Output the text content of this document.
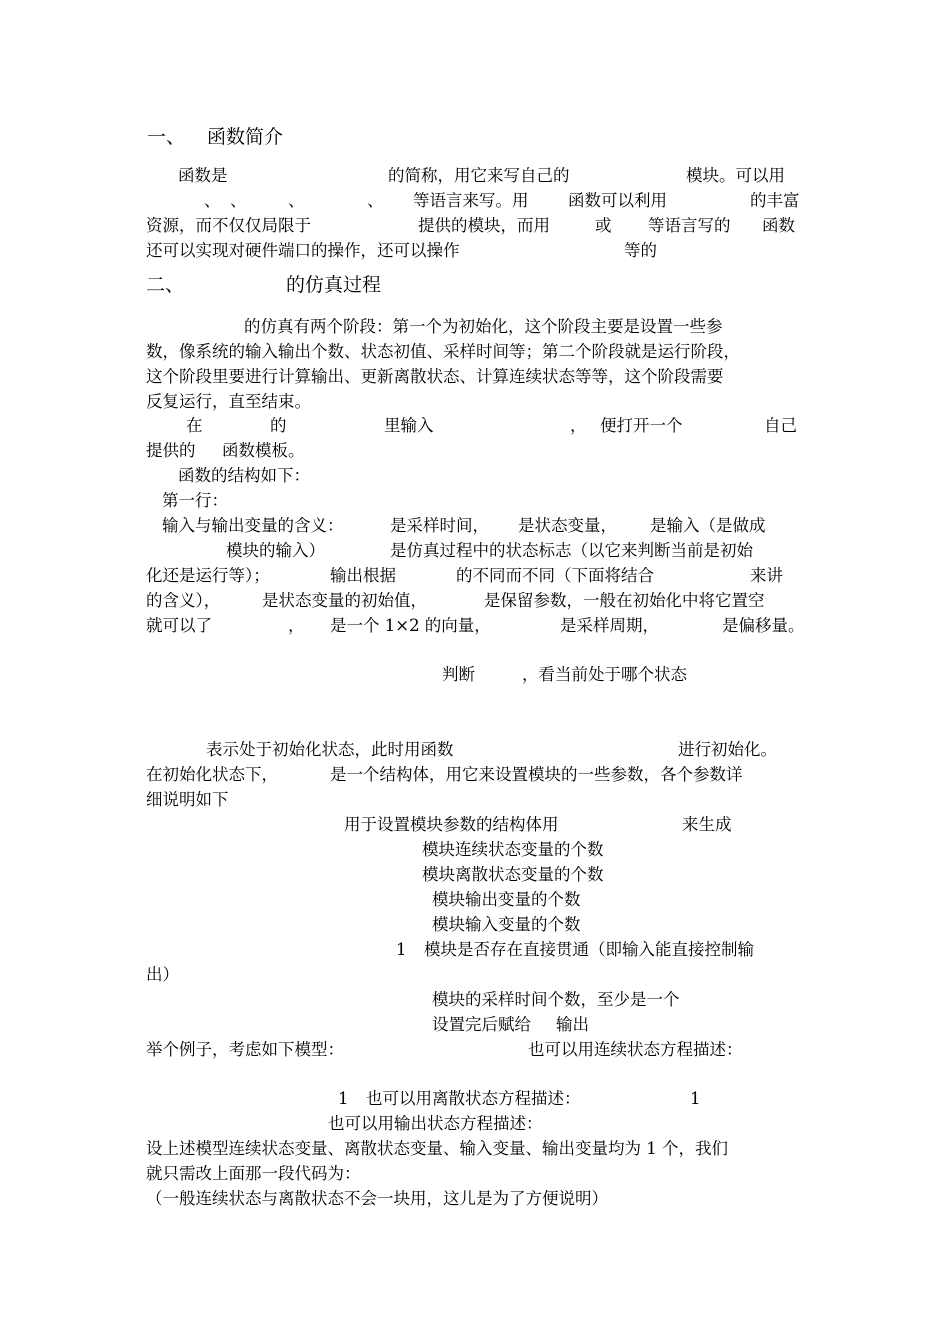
一、 函数简介
函数是	的简称，用它来写自己的	模块。可以用
、 、	、	、 等语言来写。用 函数可以利用	的丰富
资源，而不仅仅局限于	提供的模块，而用	或 等语言写的 函数
还可以实现对硬件端口的操作，还可以操作	等的
二、	的仿真过程
的仿真有两个阶段：第一个为初始化，这个阶段主要是设置一些参
数，像系统的输入输出个数、状态初值、采样时间等；第二个阶段就是运行阶段，
这个阶段里要进行计算输出、更新离散状态、计算连续状态等等，这个阶段需要
反复运行，直至结束。
在	的	里输入	， 便打开一个	自己
提供的 函数模板。
函数的结构如下：
第一行：
输入与输出变量的含义：	是采样时间， 是状态变量， 是输入（是做成
模块的输入）	是仿真过程中的状态标志（以它来判断当前是初始
化还是运行等）；	输出根据	的不同而不同（下面将结合	来讲
的含义），	是状态变量的初始值，	是保留参数，一般在初始化中将它置空
就可以了	， 是一个 1×2 的向量，	是采样周期，	是偏移量。
判断	，看当前处于哪个状态
表示处于初始化状态，此时用函数	进行初始化。
在初始化状态下，	是一个结构体，用它来设置模块的一些参数，各个参数详
细说明如下
用于设置模块参数的结构体用	来生成
模块连续状态变量的个数
模块离散状态变量的个数
模块输出变量的个数
模块输入变量的个数
1 模块是否存在直接贯通（即输入能直接控制输
出）
模块的采样时间个数，至少是一个
设置完后赋给 输出
举个例子，考虑如下模型：	也可以用连续状态方程描述：
1 也可以用离散状态方程描述：	1
也可以用输出状态方程描述：
设上述模型连续状态变量、离散状态变量、输入变量、输出变量均为 1 个，我们
就只需改上面那一段代码为：
（一般连续状态与离散状态不会一块用，这儿是为了方便说明）
